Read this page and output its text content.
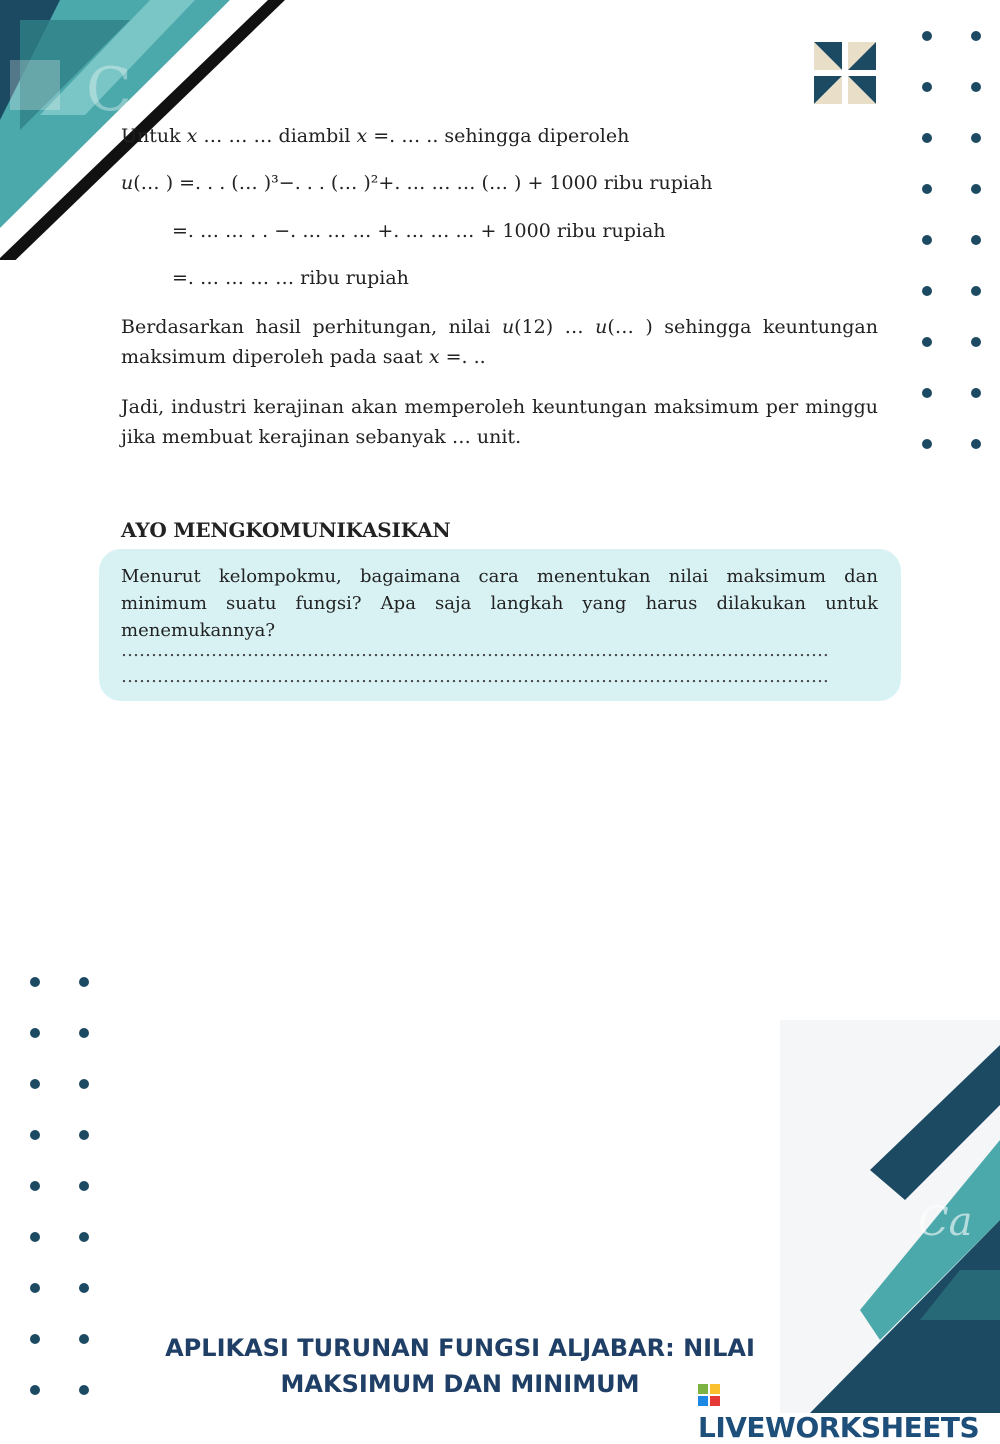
C
Ca
Untuk 𝑥 … … … diambil 𝑥 =. … .. sehingga diperoleh
𝑢(… ) =. . . (… )³−. . . (… )²+. … … … (… ) + 1000 ribu rupiah
=. … … . . −. … … … +. … … … + 1000 ribu rupiah
=. … … … … ribu rupiah
Berdasarkan hasil perhitungan, nilai 𝑢(12) … 𝑢(… ) sehingga keuntungan maksimum diperoleh pada saat 𝑥 =. ..
Jadi, industri kerajinan akan memperoleh keuntungan maksimum per minggu jika membuat kerajinan sebanyak … unit.
AYO MENGKOMUNIKASIKAN
Menurut kelompokmu, bagaimana cara menentukan nilai maksimum dan minimum suatu fungsi? Apa saja langkah yang harus dilakukan untuk menemukannya?
……………………………………………………………………………………………………….
……………………………………………………………………………………………………….
APLIKASI TURUNAN FUNGSI ALJABAR: NILAI
MAKSIMUM DAN MINIMUM
LIVEWORKSHEETS
